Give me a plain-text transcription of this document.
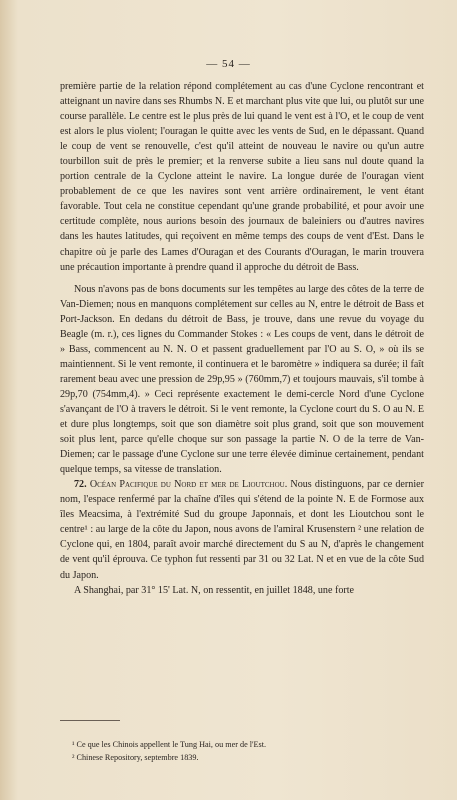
— 54 —

première partie de la relation répond complétement au cas d'une Cyclone rencontrant et atteignant un navire dans ses Rhumbs N. E et marchant plus vite que lui, ou plutôt sur une course parallèle. Le centre est le plus près de lui quand le vent est à l'O, et le coup de vent est alors le plus violent; l'ouragan le quitte avec les vents de Sud, en le dépassant. Quand le coup de vent se renouvelle, c'est qu'il atteint de nouveau le navire ou qu'un autre tourbillon suit de près le premier; et la renverse subite a lieu sans nul doute quand la portion centrale de la Cyclone atteint le navire. La longue durée de l'ouragan vient probablement de ce que les navires sont vent arrière ordinairement, le vent étant favorable. Tout cela ne constitue cependant qu'une grande probabilité, et pour avoir une certitude complète, nous aurions besoin des journaux de baleiniers ou d'autres navires dans les hautes latitudes, qui reçoivent en même temps des coups de vent d'Est. Dans le chapitre où je parle des Lames d'Ouragan et des Courants d'Ouragan, le marin trouvera une précaution importante à prendre quand il approche du détroit de Bass.

Nous n'avons pas de bons documents sur les tempêtes au large des côtes de la terre de Van-Diemen; nous en manquons complétement sur celles au N, entre le détroit de Bass et Port-Jackson. En dedans du détroit de Bass, je trouve, dans une revue du voyage du Beagle (m. r.), ces lignes du Commander Stokes : « Les coups de vent, dans le détroit de » Bass, commencent au N. N. O et passent graduellement par l'O au S. O, » où ils se maintiennent. Si le vent remonte, il continuera et le baromètre » indiquera sa durée; il faît rarement beau avec une pression de 29p,95 » (760mm,7) et toujours mauvais, s'il tombe à 29p,70 (754mm,4). » Ceci représente exactement le demi-cercle Nord d'une Cyclone s'avançant de l'O à travers le détroit. Si le vent remonte, la Cyclone court du S. O au N. E et dure plus longtemps, soit que son diamètre soit plus grand, soit que son mouvement soit plus lent, parce qu'elle choque sur son passage la partie N. O de la terre de Van-Diemen; car le passage d'une Cyclone sur une terre élevée diminue certainement, pendant quelque temps, sa vitesse de translation.

72. Océan Pacifique du Nord et mer de Lioutchou. Nous distinguons, par ce dernier nom, l'espace renfermé par la chaîne d'îles qui s'étend de la pointe N. E de Formose aux îles Meacsima, à l'extrémité Sud du groupe Japonnais, et dont les Lioutchou sont le centre¹ : au large de la côte du Japon, nous avons de l'amiral Krusenstern ² une relation de Cyclone qui, en 1804, paraît avoir marché directement du S au N, d'après le changement de vent qu'il éprouva. Ce typhon fut ressenti par 31 ou 32 Lat. N et en vue de la côte Sud du Japon.

A Shanghai, par 31° 15' Lat. N, on ressentit, en juillet 1848, une forte

¹ Ce que les Chinois appellent le Tung Hai, ou mer de l'Est.

² Chinese Repository, septembre 1839.
